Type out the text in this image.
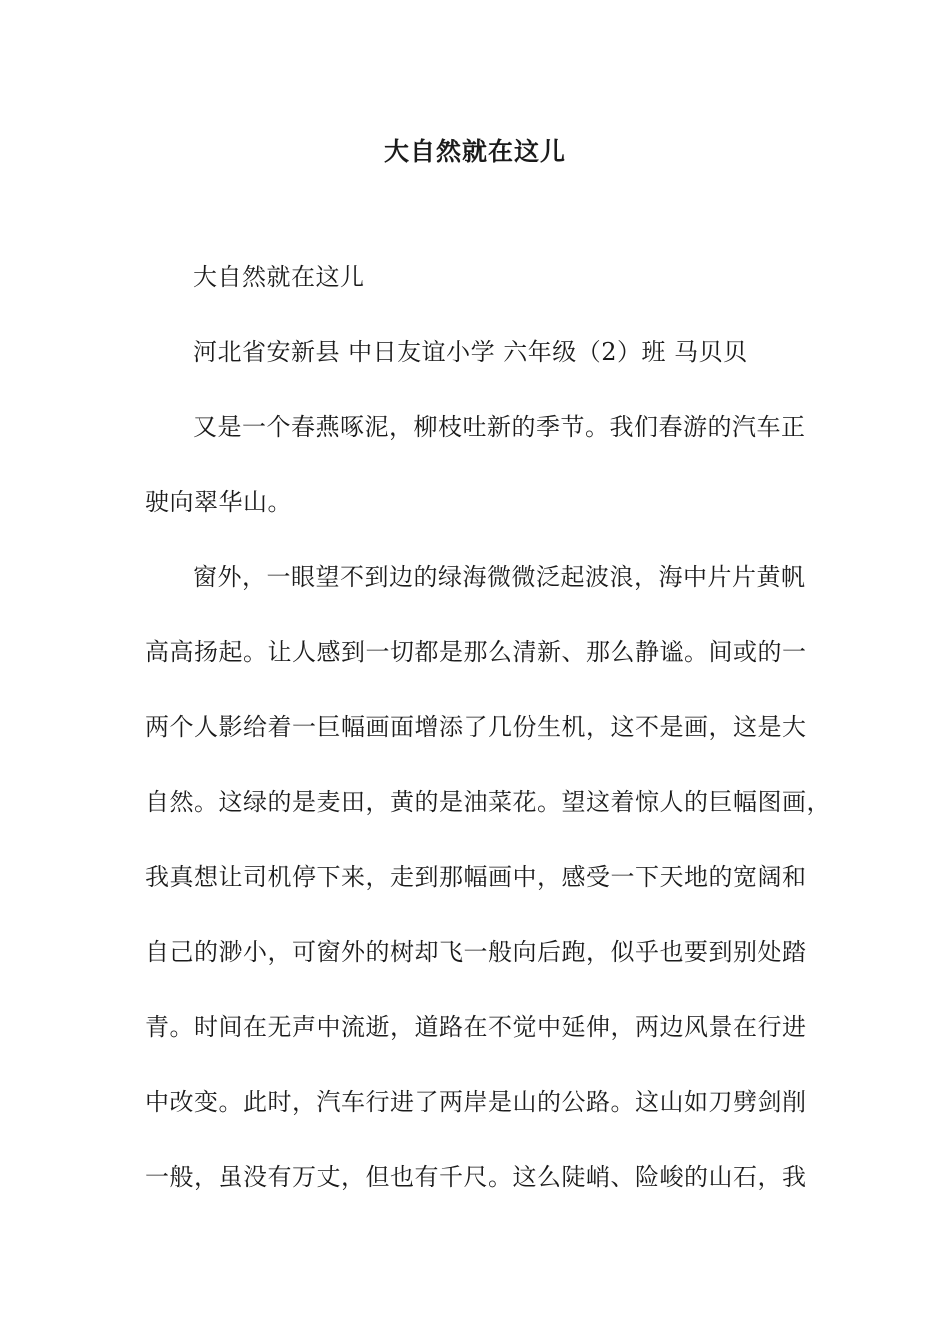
大自然就在这儿
大自然就在这儿
河北省安新县 中日友谊小学 六年级（2）班 马贝贝
又是一个春燕啄泥，柳枝吐新的季节。我们春游的汽车正
驶向翠华山。
窗外，一眼望不到边的绿海微微泛起波浪，海中片片黄帆
高高扬起。让人感到一切都是那么清新、那么静谧。间或的一
两个人影给着一巨幅画面增添了几份生机，这不是画，这是大
自然。这绿的是麦田，黄的是油菜花。望这着惊人的巨幅图画，
我真想让司机停下来，走到那幅画中，感受一下天地的宽阔和
自己的渺小，可窗外的树却飞一般向后跑，似乎也要到别处踏
青。时间在无声中流逝，道路在不觉中延伸，两边风景在行进
中改变。此时，汽车行进了两岸是山的公路。这山如刀劈剑削
一般，虽没有万丈，但也有千尺。这么陡峭、险峻的山石，我
